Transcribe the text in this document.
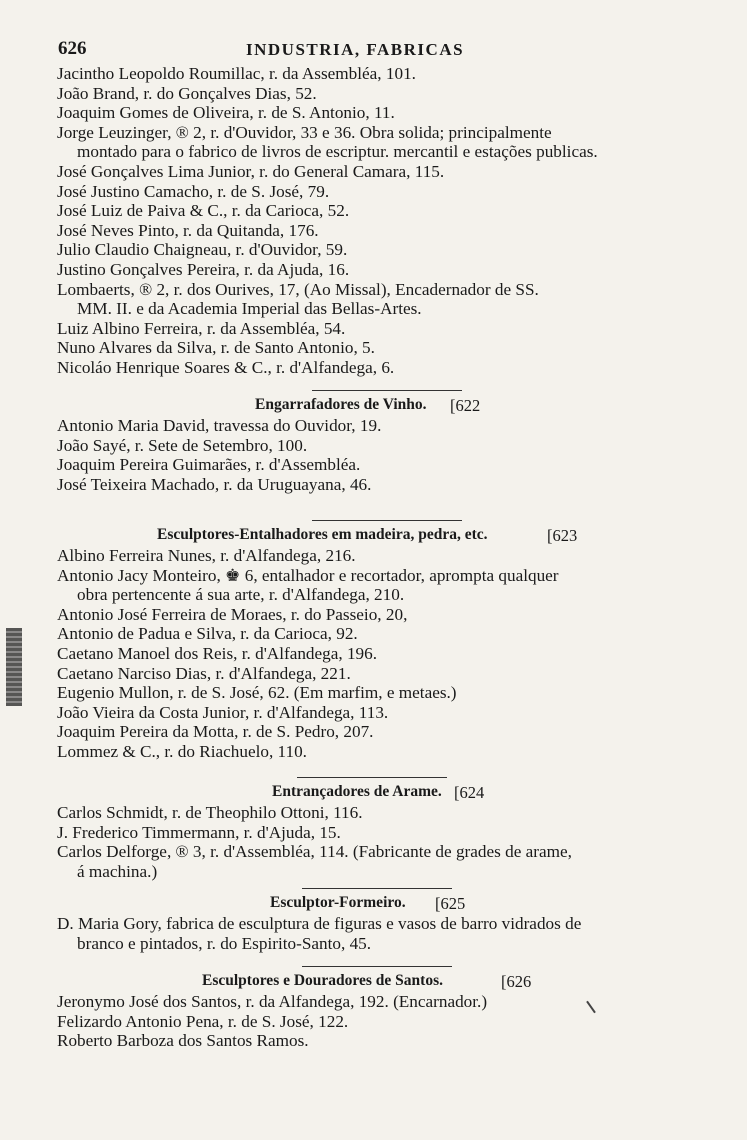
626	INDUSTRIA, FABRICAS
Jacintho Leopoldo Roumillac, r. da Assembléa, 101.
João Brand, r. do Gonçalves Dias, 52.
Joaquim Gomes de Oliveira, r. de S. Antonio, 11.
Jorge Leuzinger, ® 2, r. d'Ouvidor, 33 e 36. Obra solida; principalmente
montado para o fabrico de livros de escriptur. mercantil e estações publicas.
José Gonçalves Lima Junior, r. do General Camara, 115.
José Justino Camacho, r. de S. José, 79.
José Luiz de Paiva & C., r. da Carioca, 52.
José Neves Pinto, r. da Quitanda, 176.
Julio Claudio Chaigneau, r. d'Ouvidor, 59.
Justino Gonçalves Pereira, r. da Ajuda, 16.
Lombaerts, ® 2, r. dos Ourives, 17, (Ao Missal), Encadernador de SS.
MM. II. e da Academia Imperial das Bellas-Artes.
Luiz Albino Ferreira, r. da Assembléa, 54.
Nuno Alvares da Silva, r. de Santo Antonio, 5.
Nicoláo Henrique Soares & C., r. d'Alfandega, 6.
Engarrafadores de Vinho. [622
Antonio Maria David, travessa do Ouvidor, 19.
João Sayé, r. Sete de Setembro, 100.
Joaquim Pereira Guimarães, r. d'Assembléa.
José Teixeira Machado, r. da Uruguayana, 46.
Esculptores-Entalhadores em madeira, pedra, etc.	[623
Albino Ferreira Nunes, r. d'Alfandega, 216.
Antonio Jacy Monteiro, ♚ 6, entalhador e recortador, aprompta qualquer
obra pertencente á sua arte, r. d'Alfandega, 210.
Antonio José Ferreira de Moraes, r. do Passeio, 20,
Antonio de Padua e Silva, r. da Carioca, 92.
Caetano Manoel dos Reis, r. d'Alfandega, 196.
Caetano Narciso Dias, r. d'Alfandega, 221.
Eugenio Mullon, r. de S. José, 62. (Em marfim, e metaes.)
João Vieira da Costa Junior, r. d'Alfandega, 113.
Joaquim Pereira da Motta, r. de S. Pedro, 207.
Lommez & C., r. do Riachuelo, 110.
Entrançadores de Arame. [624
Carlos Schmidt, r. de Theophilo Ottoni, 116.
J. Frederico Timmermann, r. d'Ajuda, 15.
Carlos Delforge, ® 3, r. d'Assembléa, 114. (Fabricante de grades de arame,
á machina.)
Esculptor-Formeiro. [625
D. Maria Gory, fabrica de esculptura de figuras e vasos de barro vidrados de
branco e pintados, r. do Espirito-Santo, 45.
Esculptores e Douradores de Santos.	[626
Jeronymo José dos Santos, r. da Alfandega, 192. (Encarnador.)
Felizardo Antonio Pena, r. de S. José, 122.
Roberto Barboza dos Santos Ramos.
